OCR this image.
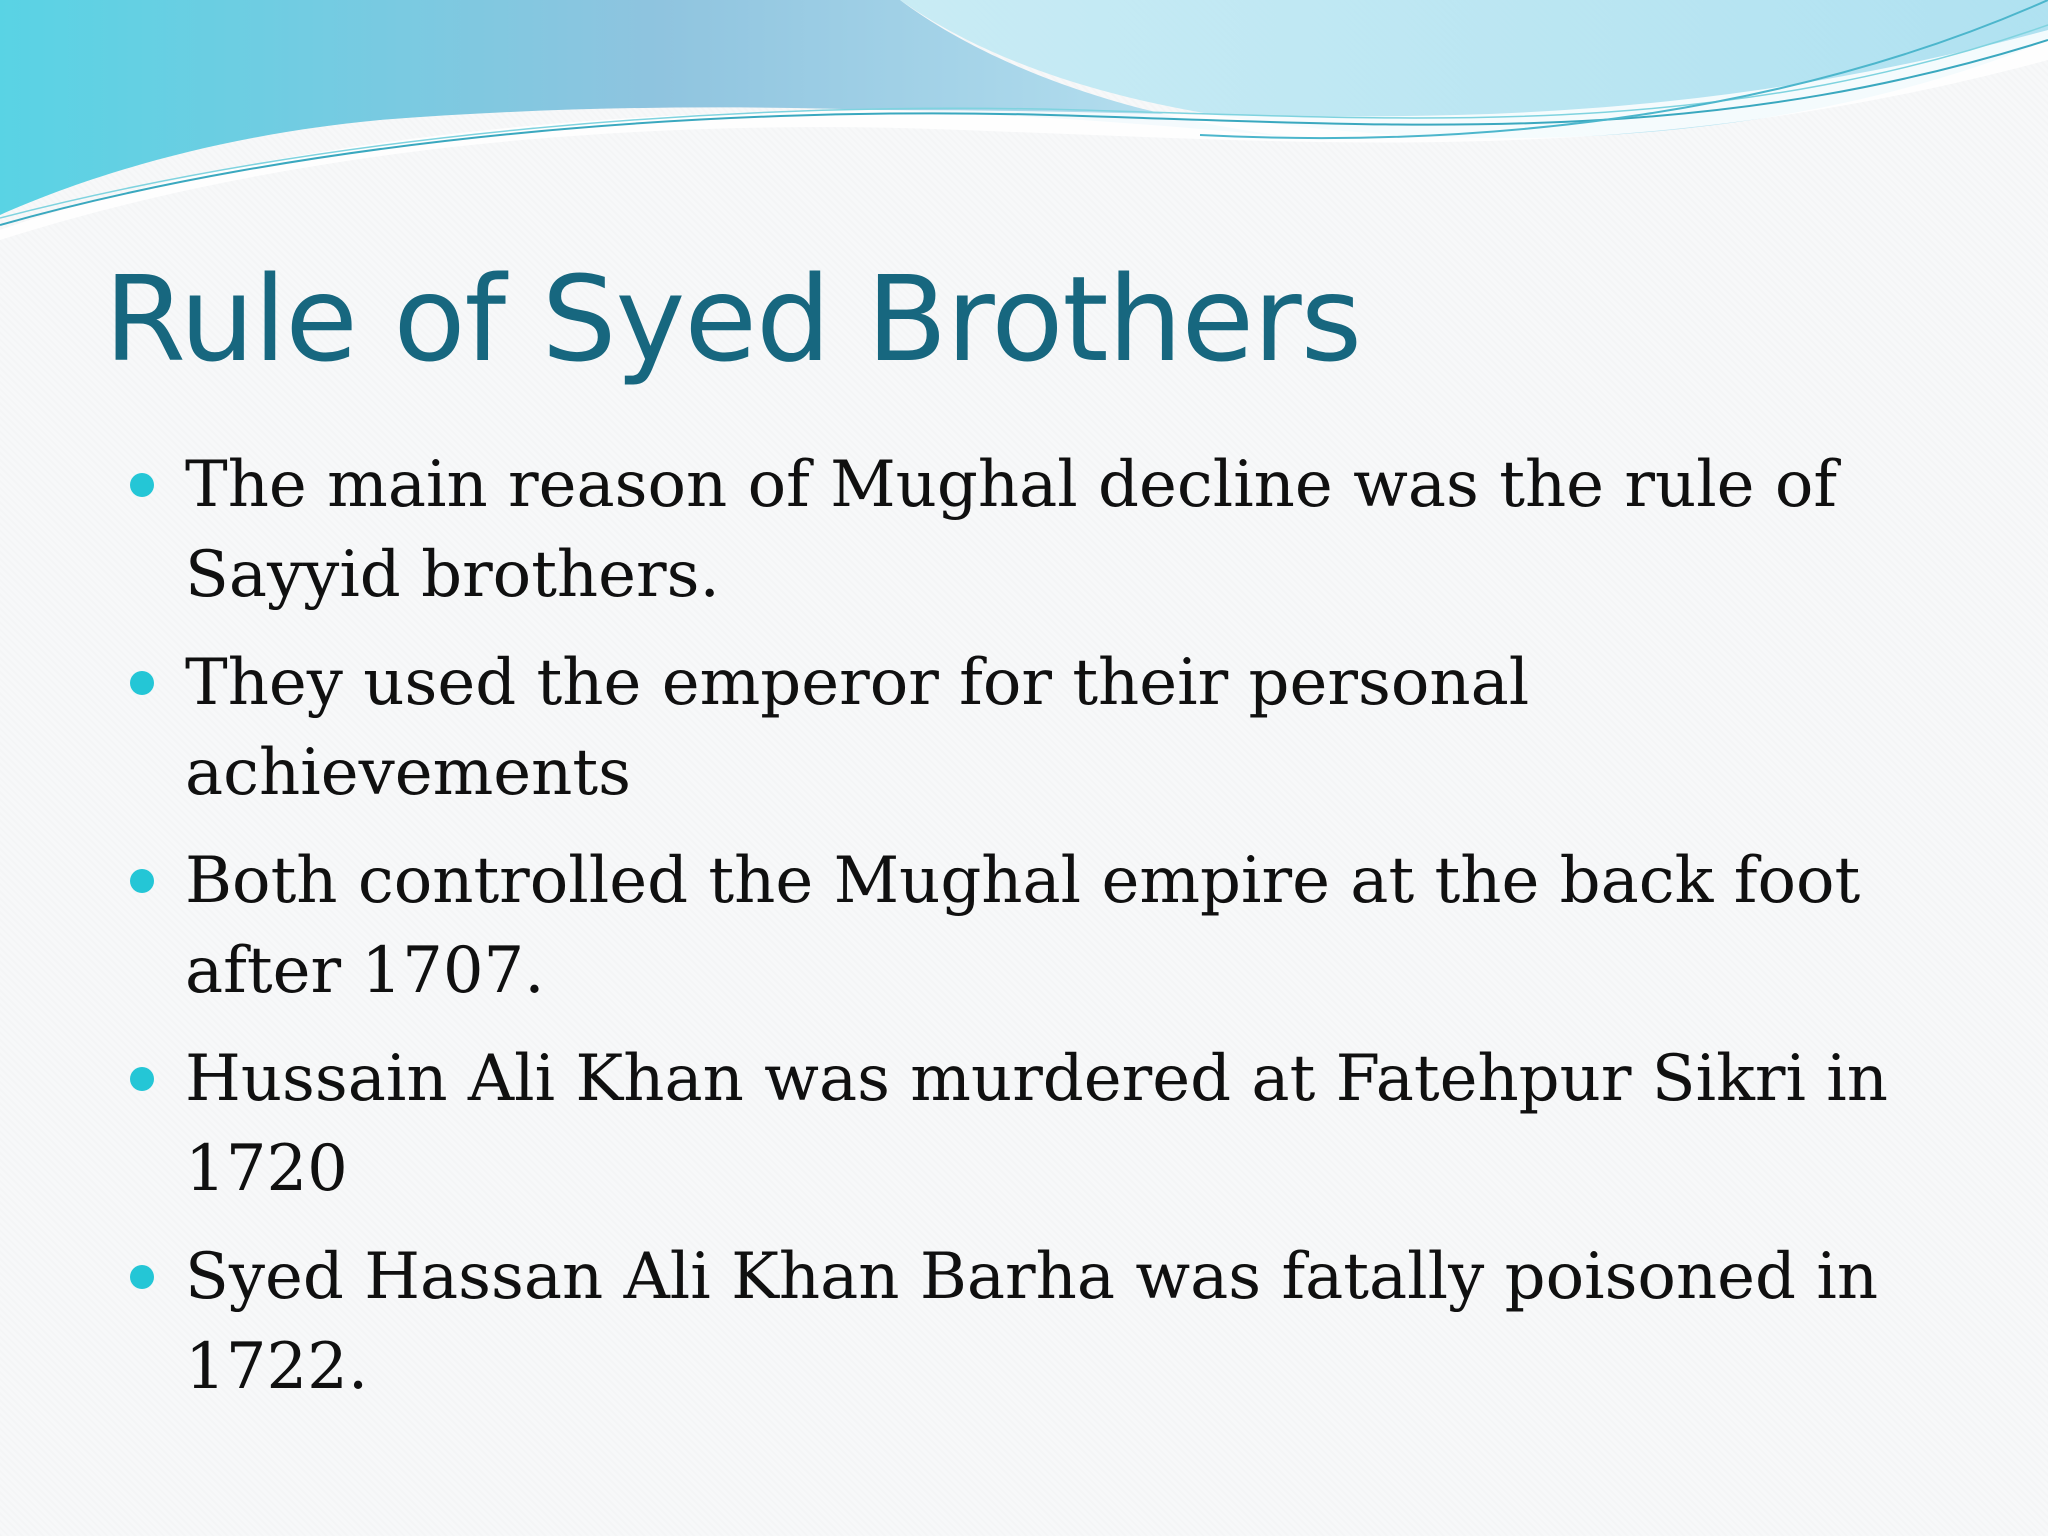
Rule of Syed Brothers
The main reason of Mughal decline was the rule of Sayyid brothers.
They used the emperor for their personal achievements
Both controlled the Mughal empire at the back foot after 1707.
Hussain Ali Khan was murdered at Fatehpur Sikri in 1720
Syed Hassan Ali Khan Barha was fatally poisoned in 1722.
